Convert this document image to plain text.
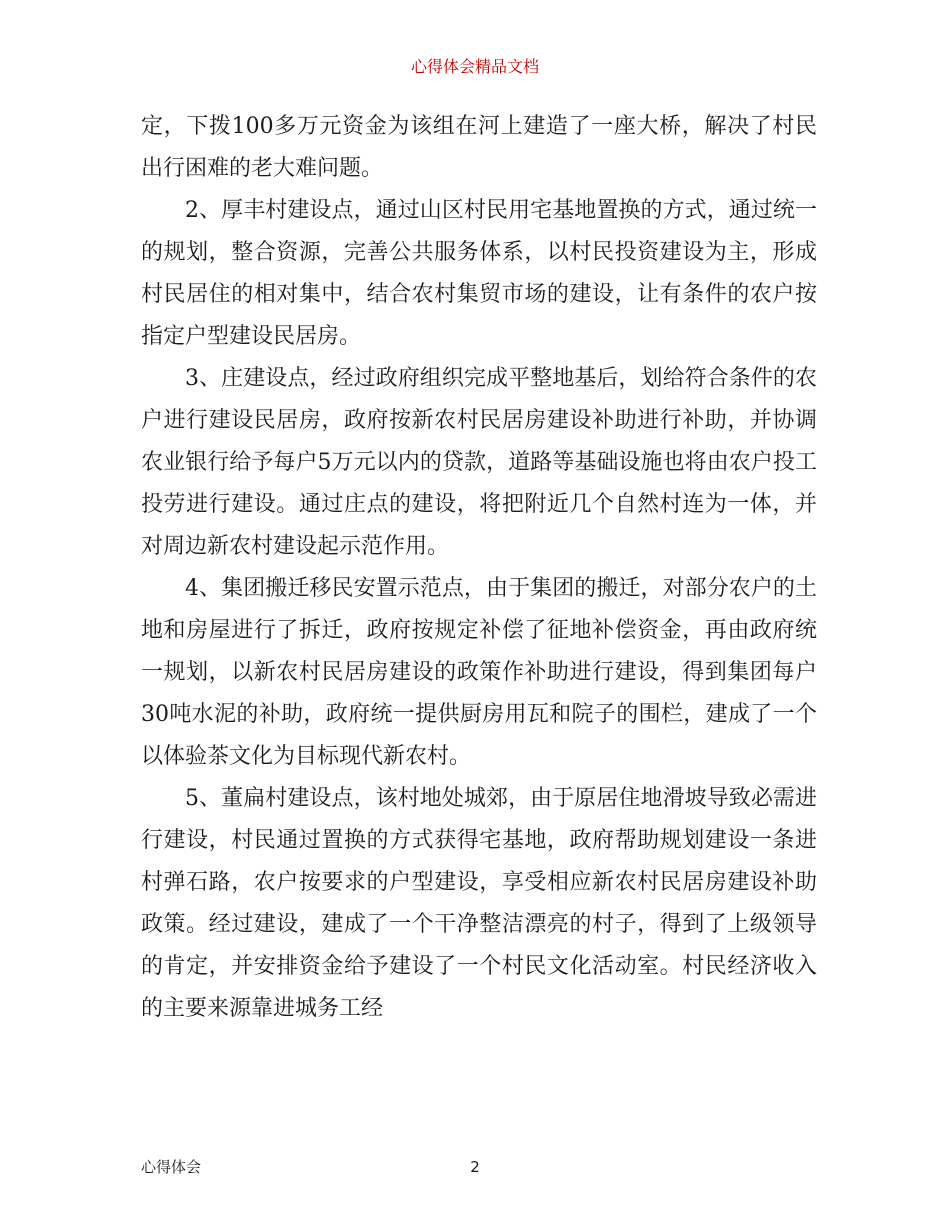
心得体会精品文档

定，下拨100多万元资金为该组在河上建造了一座大桥，解决了村民出行困难的老大难问题。

2、厚丰村建设点，通过山区村民用宅基地置换的方式，通过统一的规划，整合资源，完善公共服务体系，以村民投资建设为主，形成村民居住的相对集中，结合农村集贸市场的建设，让有条件的农户按指定户型建设民居房。

3、庄建设点，经过政府组织完成平整地基后，划给符合条件的农户进行建设民居房，政府按新农村民居房建设补助进行补助，并协调农业银行给予每户5万元以内的贷款，道路等基础设施也将由农户投工投劳进行建设。通过庄点的建设，将把附近几个自然村连为一体，并对周边新农村建设起示范作用。

4、集团搬迁移民安置示范点，由于集团的搬迁，对部分农户的土地和房屋进行了拆迁，政府按规定补偿了征地补偿资金，再由政府统一规划，以新农村民居房建设的政策作补助进行建设，得到集团每户30吨水泥的补助，政府统一提供厨房用瓦和院子的围栏，建成了一个以体验茶文化为目标现代新农村。

5、董扁村建设点，该村地处城郊，由于原居住地滑坡导致必需进行建设，村民通过置换的方式获得宅基地，政府帮助规划建设一条进村弹石路，农户按要求的户型建设，享受相应新农村民居房建设补助政策。经过建设，建成了一个干净整洁漂亮的村子，得到了上级领导的肯定，并安排资金给予建设了一个村民文化活动室。村民经济收入的主要来源靠进城务工经

心得体会	2
